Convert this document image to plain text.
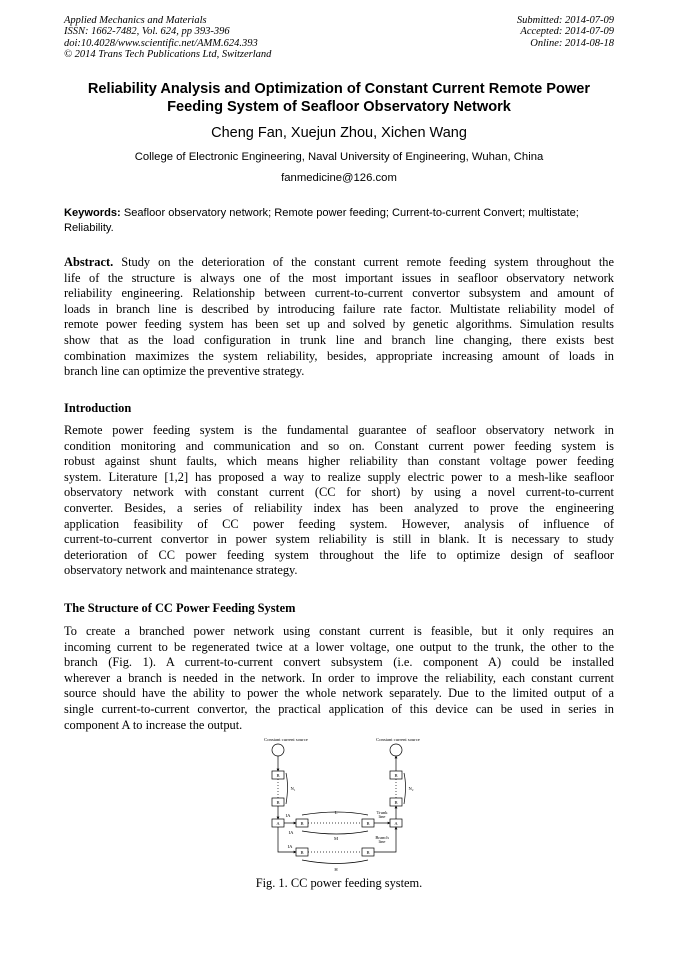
Applied Mechanics and Materials
ISSN: 1662-7482, Vol. 624, pp 393-396
doi:10.4028/www.scientific.net/AMM.624.393
© 2014 Trans Tech Publications Ltd, Switzerland
Submitted: 2014-07-09
Accepted: 2014-07-09
Online: 2014-08-18
Reliability Analysis and Optimization of Constant Current Remote Power
Feeding System of Seafloor Observatory Network
Cheng Fan, Xuejun Zhou, Xichen Wang
College of Electronic Engineering, Naval University of Engineering, Wuhan, China
fanmedicine@126.com
Keywords: Seafloor observatory network; Remote power feeding; Current-to-current Convert; multistate; Reliability.
Abstract. Study on the deterioration of the constant current remote feeding system throughout the
life of the structure is always one of the most important issues in seafloor observatory network
reliability engineering. Relationship between current-to-current convertor subsystem and amount of
loads in branch line is described by introducing failure rate factor. Multistate reliability model of
remote power feeding system has been set up and solved by genetic algorithms. Simulation results
show that as the load configuration in trunk line and branch line changing, there exists best
combination maximizes the system reliability, besides, appropriate increasing amount of loads in
branch line can optimize the preventive strategy.
Introduction
Remote power feeding system is the fundamental guarantee of seafloor observatory network in
condition monitoring and communication and so on. Constant current power feeding system is
robust against shunt faults, which means higher reliability than constant voltage power feeding
system. Literature [1,2] has proposed a way to realize supply electric power to a mesh-like seafloor
observatory network with constant current (CC for short) by using a novel current-to-current
converter. Besides, a series of reliability index has been analyzed to prove the engineering
application feasibility of CC power feeding system. However, analysis of influence of
current-to-current convertor in power system reliability is still in blank. It is necessary to study
deterioration of CC power feeding system throughout the life to optimize design of seafloor
observatory network and maintenance strategy.
The Structure of CC Power Feeding System
To create a branched power network using constant current is feasible, but it only requires an
incoming current to be regenerated twice at a lower voltage, one output to the trunk, the other to the
branch (Fig. 1). A current-to-current convert subsystem (i.e. component A) could be installed
wherever a branch is needed in the network. In order to improve the reliability, each constant current
source should have the ability to power the whole network separately. Due to the limited output of a
single current-to-current convertor, the practical application of this device can be used in series in
component A to increase the output.
Constant current source	Constant current source
B
B
A	B	B	A
B	B
B
B
N₁	N₂
IA
IA
IA
L
M
H
Trunk
line
Branch
line
Fig. 1. CC power feeding system.
